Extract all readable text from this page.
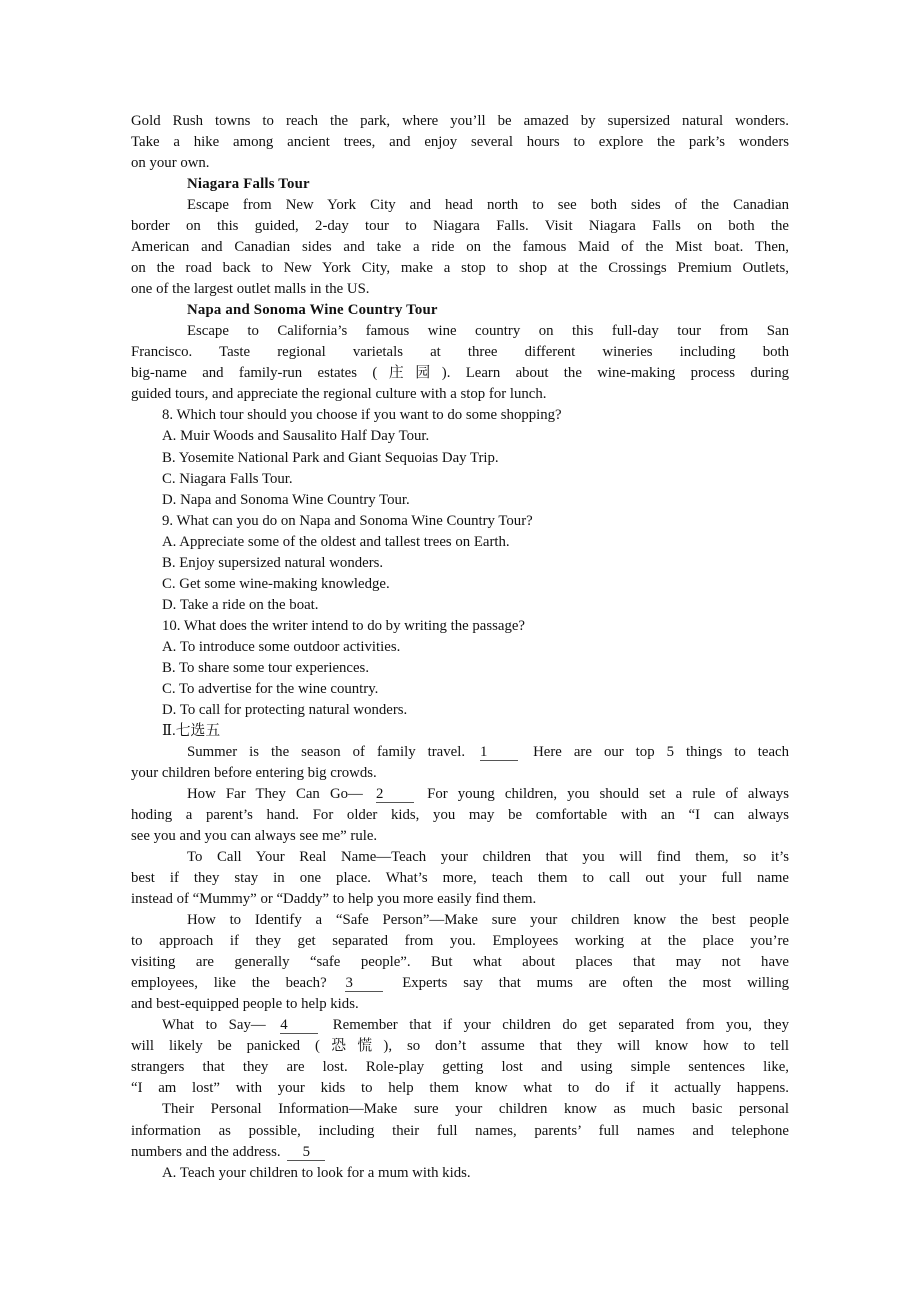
Gold Rush towns to reach the park, where you’ll be amazed by supersized natural wonders.
Take a hike among ancient trees, and enjoy several hours to explore the park’s wonders
on your own.
Niagara Falls Tour
Escape from New York City and head north to see both sides of the Canadian
border on this guided, 2-day tour to Niagara Falls. Visit Niagara Falls on both the
American and Canadian sides and take a ride on the famous Maid of the Mist boat. Then,
on the road back to New York City, make a stop to shop at the Crossings Premium Outlets,
one of the largest outlet malls in the US.
Napa and Sonoma Wine Country Tour
Escape to California’s famous wine country on this full-day tour from San
Francisco. Taste regional varietals at three different wineries including both
big-name and family-run estates (庄园). Learn about the wine-making process during
guided tours, and appreciate the regional culture with a stop for lunch.
8. Which tour should you choose if you want to do some shopping?
A. Muir Woods and Sausalito Half Day Tour.
B. Yosemite National Park and Giant Sequoias Day Trip.
C. Niagara Falls Tour.
D. Napa and Sonoma Wine Country Tour.
9. What can you do on Napa and Sonoma Wine Country Tour?
A. Appreciate some of the oldest and tallest trees on Earth.
B. Enjoy supersized natural wonders.
C. Get some wine-making knowledge.
D. Take a ride on the boat.
10. What does the writer intend to do by writing the passage?
A. To introduce some outdoor activities.
B. To share some tour experiences.
C. To advertise for the wine country.
D. To call for protecting natural wonders.
Ⅱ.七选五
Summer is the season of family travel. 1	Here are our top 5 things to teach
your children before entering big crowds.
How Far They Can Go— 2	For young children, you should set a rule of always
hoding a parent’s hand. For older kids, you may be comfortable with an “I can always
see you and you can always see me” rule.
To Call Your Real Name—Teach your children that you will find them, so it’s
best if they stay in one place. What’s more, teach them to call out your full name
instead of “Mummy” or “Daddy” to help you more easily find them.
How to Identify a “Safe Person”—Make sure your children know the best people
to approach if they get separated from you. Employees working at the place you’re
visiting are generally “safe people”. But what about places that may not have
employees, like the beach? 3	Experts say that mums are often the most willing
and best-equipped people to help kids.
What to Say— 4	Remember that if your children do get separated from you, they
will likely be panicked (恐慌), so don’t assume that they will know how to tell
strangers that they are lost. Role-play getting lost and using simple sentences like,
“I am lost” with your kids to help them know what to do if it actually happens.
Their Personal Information—Make sure your children know as much basic personal
information as possible, including their full names, parents’ full names and telephone
numbers and the address. 5
A. Teach your children to look for a mum with kids.
